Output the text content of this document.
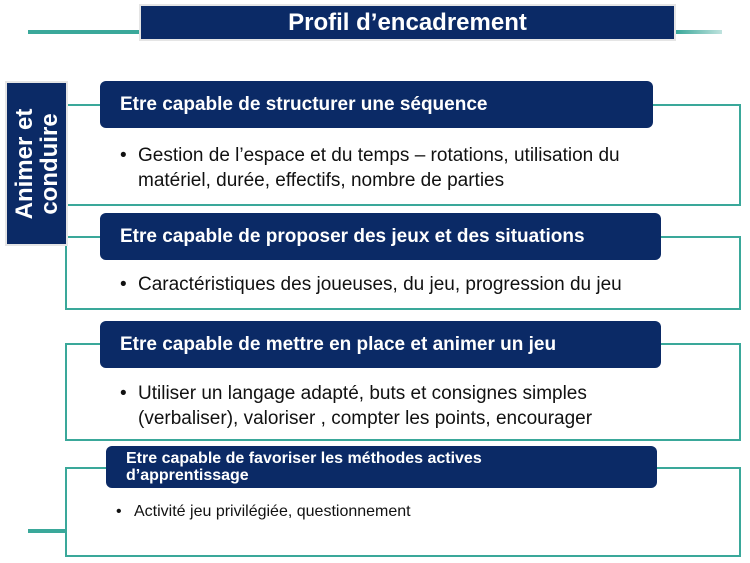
Profil d’encadrement
Etre capable de structurer une séquence
• Gestion de l’espace et du temps – rotations, utilisation du matériel, durée, effectifs, nombre de parties
Etre capable de proposer des jeux et des situations
• Caractéristiques des joueuses, du jeu, progression du jeu
Etre capable de mettre en place et animer un jeu
• Utiliser un langage adapté, buts et consignes simples (verbaliser), valoriser , compter les points, encourager
Etre capable de favoriser les méthodes actives d’apprentissage
• Activité jeu privilégiée, questionnement
Animer et
conduire
